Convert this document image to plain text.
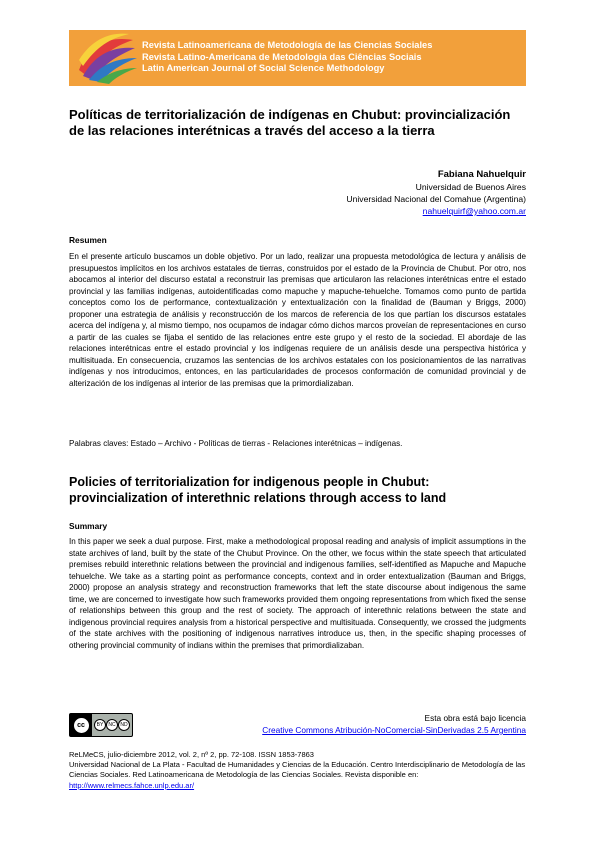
Revista Latinoamericana de Metodología de las Ciencias Sociales
Revista Latino-Americana de Metodologia das Ciências Sociais
Latin American Journal of Social Science Methodology
Políticas de territorialización de indígenas en Chubut: provincialización de las relaciones interétnicas a través del acceso a la tierra
Fabiana Nahuelquir
Universidad de Buenos Aires
Universidad Nacional del Comahue (Argentina)
nahuelquirf@yahoo.com.ar
Resumen
En el presente artículo buscamos un doble objetivo. Por un lado, realizar una propuesta metodológica de lectura y análisis de presupuestos implícitos en los archivos estatales de tierras, construidos por el estado de la Provincia de Chubut. Por otro, nos abocamos al interior del discurso estatal a reconstruir las premisas que articularon las relaciones interétnicas entre el estado provincial y las familias indígenas, autoidentificadas como mapuche y mapuche-tehuelche. Tomamos como punto de partida conceptos como los de performance, contextualización y entextualización con la finalidad de (Bauman y Briggs, 2000) proponer una estrategia de análisis y reconstrucción de los marcos de referencia de los que partían los discursos estatales acerca del indígena y, al mismo tiempo, nos ocupamos de indagar cómo dichos marcos proveían de representaciones en curso a partir de las cuales se fijaba el sentido de las relaciones entre este grupo y el resto de la sociedad. El abordaje de las relaciones interétnicas entre el estado provincial y los indígenas requiere de un análisis desde una perspectiva histórica y multisituada. En consecuencia, cruzamos las sentencias de los archivos estatales con los posicionamientos de las narrativas indígenas y nos introducimos, entonces, en las particularidades de procesos conformación de comunidad provincial y de alterización de los indígenas al interior de las premisas que la primordializaban.
Palabras claves: Estado – Archivo - Políticas de tierras - Relaciones interétnicas – indígenas.
Policies of territorialization for indigenous people in Chubut: provincialization of interethnic relations through access to land
Summary
In this paper we seek a dual purpose. First, make a methodological proposal reading and analysis of implicit assumptions in the state archives of land, built by the state of the Chubut Province. On the other, we focus within the state speech that articulated premises rebuild interethnic relations between the provincial and indigenous families, self-identified as Mapuche and Mapuche tehuelche. We take as a starting point as performance concepts, context and in order entextualization (Bauman and Briggs, 2000) propose an analysis strategy and reconstruction frameworks that left the state discourse about indigenous the same time, we are concerned to investigate how such frameworks provided them ongoing representations from which fixed the sense of relationships between this group and the rest of society. The approach of interethnic relations between the state and indigenous provincial requires analysis from a historical perspective and multisituada. Consequently, we crossed the judgments of the state archives with the positioning of indigenous narratives introduce us, then, in the specific shaping processes of othering provincial community of indians within the premises that primordializaban.
cc	BY	NC ND
Esta obra está bajo licencia
Creative Commons Atribución-NoComercial-SinDerivadas 2.5 Argentina
ReLMeCS, julio-diciembre 2012, vol. 2, nº 2, pp. 72-108. ISSN 1853-7863
Universidad Nacional de La Plata - Facultad de Humanidades y Ciencias de la Educación. Centro Interdisciplinario de Metodología de las Ciencias Sociales. Red Latinoamericana de Metodología de las Ciencias Sociales. Revista disponible en: http://www.relmecs.fahce.unlp.edu.ar/
